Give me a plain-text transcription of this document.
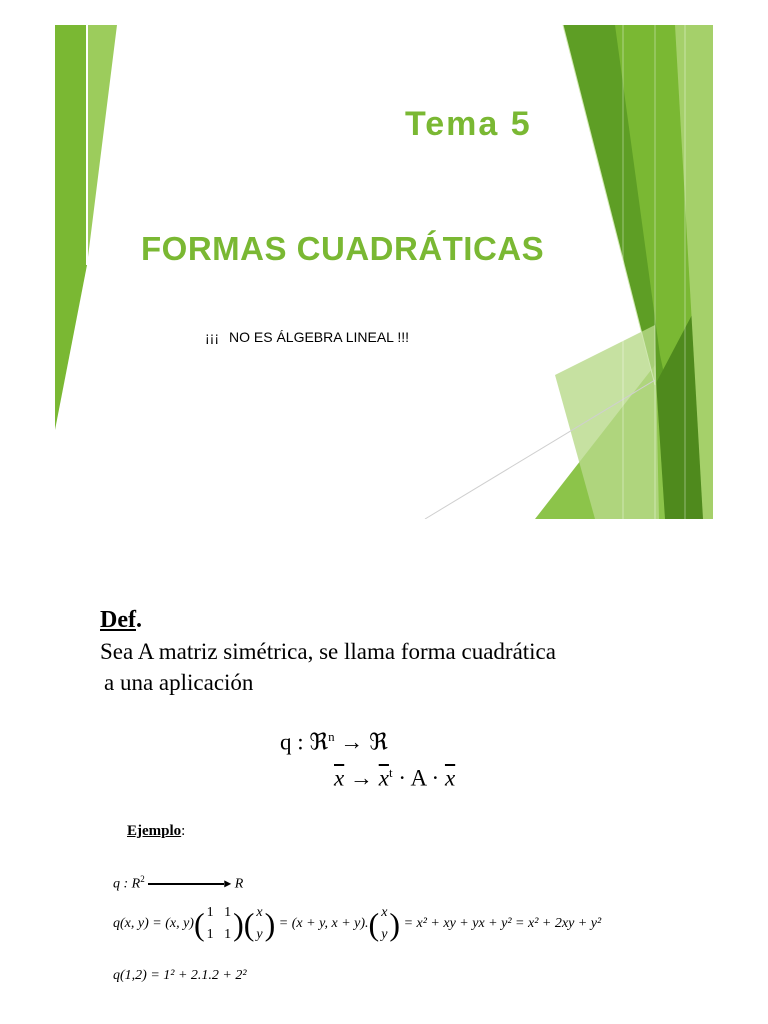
Tema 5
FORMAS CUADRÁTICAS
¡¡¡ NO ES ÁLGEBRA LINEAL !!!
Def.
Sea A matriz simétrica, se llama forma cuadrática
a una aplicación
q : ℜ$^n$ → ℜ
$\overline{x} \to \overline{x}^t \cdot A \cdot \overline{x}$
Ejemplo:
q : $R^2$	▸ R
q(x, y) = (x, y)( 1 1
1 1)( x
y) = (x + y, x + y).( x
y) = x² + xy + yx + y² = x² + 2xy + y²
q(1,2) = 1² + 2.1.2 + 2²
